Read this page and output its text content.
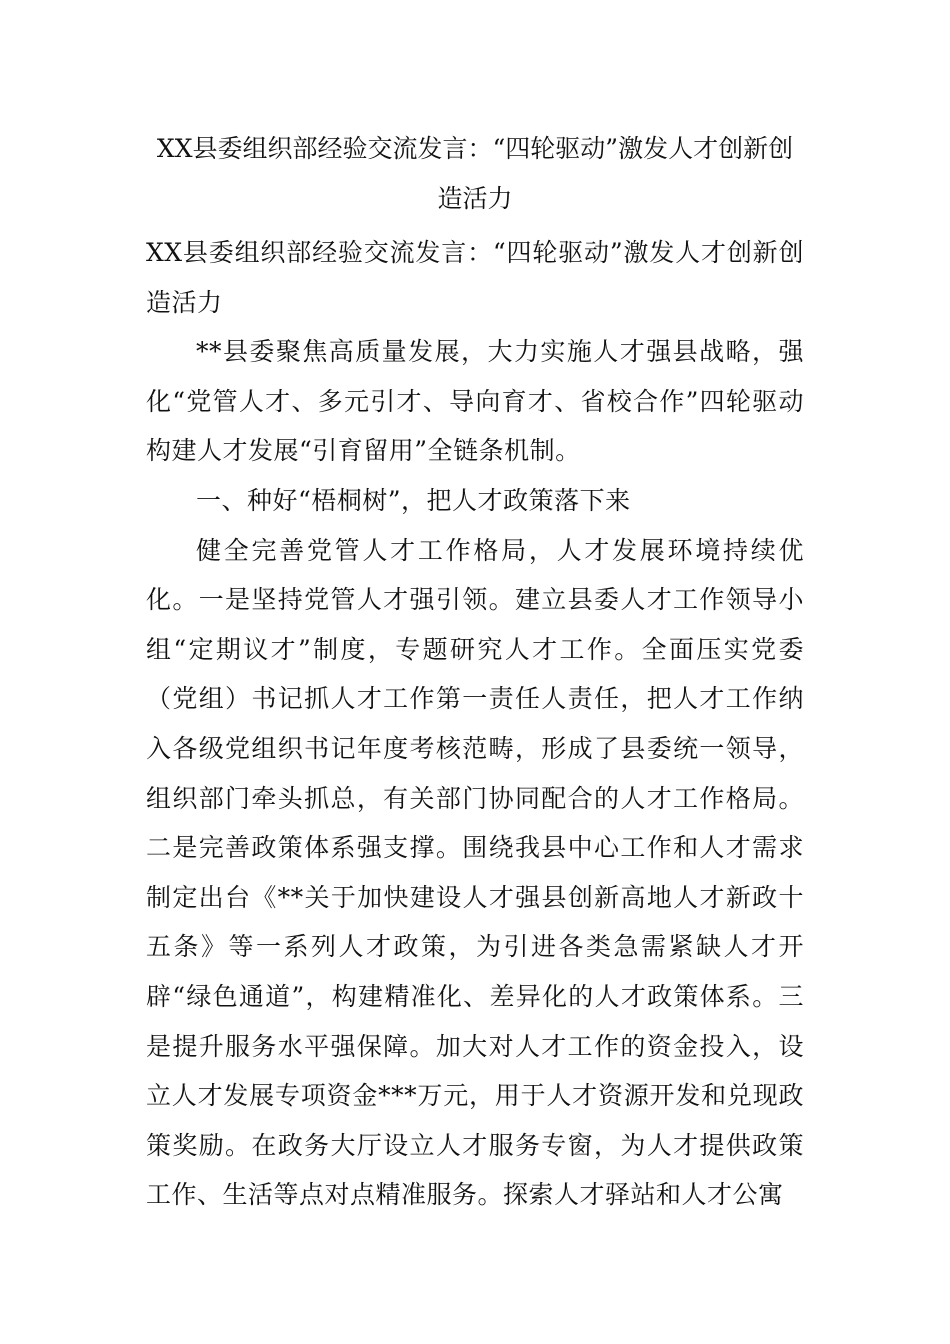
XX县委组织部经验交流发言：“四轮驱动”激发人才创新创造活力

XX县委组织部经验交流发言：“四轮驱动”激发人才创新创造活力

**县委聚焦高质量发展，大力实施人才强县战略，强化“党管人才、多元引才、导向育才、省校合作”四轮驱动构建人才发展“引育留用”全链条机制。

一、种好“梧桐树”，把人才政策落下来

健全完善党管人才工作格局，人才发展环境持续优化。一是坚持党管人才强引领。建立县委人才工作领导小组“定期议才”制度，专题研究人才工作。全面压实党委（党组）书记抓人才工作第一责任人责任，把人才工作纳入各级党组织书记年度考核范畴，形成了县委统一领导，组织部门牵头抓总，有关部门协同配合的人才工作格局。二是完善政策体系强支撑。围绕我县中心工作和人才需求制定出台《**关于加快建设人才强县创新高地人才新政十五条》等一系列人才政策，为引进各类急需紧缺人才开辟“绿色通道”，构建精准化、差异化的人才政策体系。三是提升服务水平强保障。加大对人才工作的资金投入，设立人才发展专项资金***万元，用于人才资源开发和兑现政策奖励。在政务大厅设立人才服务专窗，为人才提供政策工作、生活等点对点精准服务。探索人才驿站和人才公寓
